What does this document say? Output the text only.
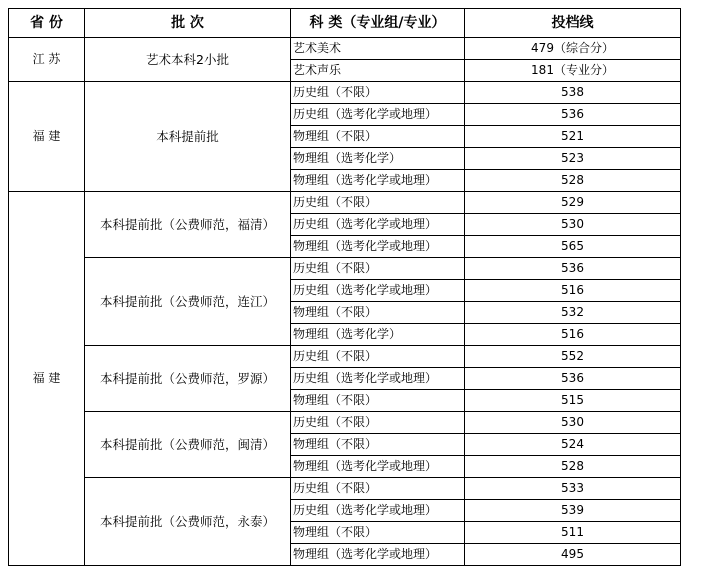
省 份	批 次	科 类（专业组/专业）	投档线
江 苏	艺术本科2小批	艺术美术	479（综合分）
		艺术声乐	181（专业分）
福 建	本科提前批	历史组（不限）	538
		历史组（选考化学或地理）	536
		物理组（不限）	521
		物理组（选考化学）	523
		物理组（选考化学或地理）	528
福 建	本科提前批（公费师范，福清）	历史组（不限）	529
		历史组（选考化学或地理）	530
		物理组（选考化学或地理）	565
	本科提前批（公费师范，连江）	历史组（不限）	536
		历史组（选考化学或地理）	516
		物理组（不限）	532
		物理组（选考化学）	516
	本科提前批（公费师范，罗源）	历史组（不限）	552
		历史组（选考化学或地理）	536
		物理组（不限）	515
	本科提前批（公费师范，闽清）	历史组（不限）	530
		物理组（不限）	524
		物理组（选考化学或地理）	528
	本科提前批（公费师范，永泰）	历史组（不限）	533
		历史组（选考化学或地理）	539
		物理组（不限）	511
		物理组（选考化学或地理）	495
